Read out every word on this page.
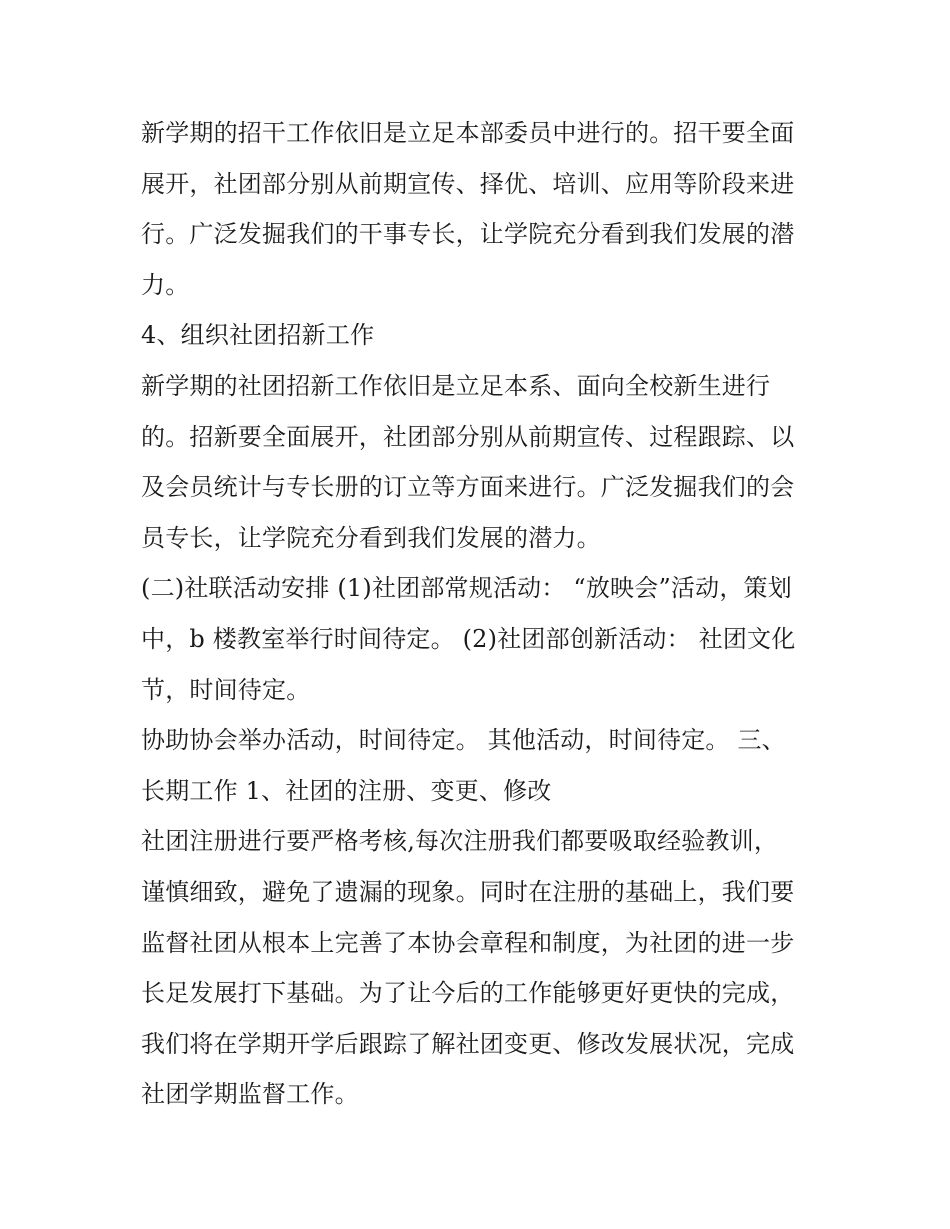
新学期的招干工作依旧是立足本部委员中进行的。招干要全面
展开，社团部分别从前期宣传、择优、培训、应用等阶段来进
行。广泛发掘我们的干事专长，让学院充分看到我们发展的潜
力。
4、组织社团招新工作
新学期的社团招新工作依旧是立足本系、面向全校新生进行
的。招新要全面展开，社团部分别从前期宣传、过程跟踪、以
及会员统计与专长册的订立等方面来进行。广泛发掘我们的会
员专长，让学院充分看到我们发展的潜力。
(二)社联活动安排 (1)社团部常规活动： “放映会”活动，策划
中，b 楼教室举行时间待定。 (2)社团部创新活动： 社团文化
节，时间待定。
协助协会举办活动，时间待定。 其他活动，时间待定。 三、
长期工作 1、社团的注册、变更、修改
社团注册进行要严格考核,每次注册我们都要吸取经验教训，
谨慎细致，避免了遗漏的现象。同时在注册的基础上，我们要
监督社团从根本上完善了本协会章程和制度，为社团的进一步
长足发展打下基础。为了让今后的工作能够更好更快的完成，
我们将在学期开学后跟踪了解社团变更、修改发展状况，完成
社团学期监督工作。
